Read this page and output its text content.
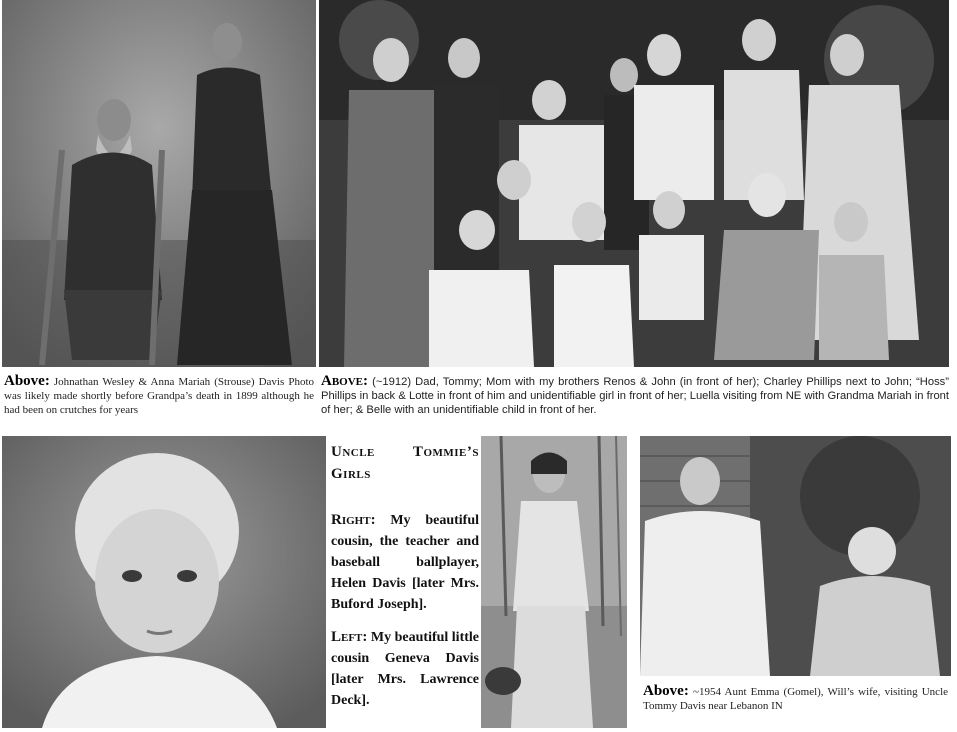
Above: Johnathan Wesley & Anna Mariah (Strouse) Davis Photo was likely made shortly before Grandpa’s death in 1899 although he had been on crutches for years
Above: (~1912) Dad, Tommy; Mom with my brothers Renos & John (in front of her); Charley Phillips next to John; “Hoss” Phillips in back & Lotte in front of him and unidentifiable girl in front of her; Luella visiting from NE with Grandma Mariah in front of her; & Belle with an unidentifiable child in front of her.
Uncle Tommie’s Girls
Right: My beautiful cousin, the teacher and baseball ballplayer, Helen Davis [later Mrs. Buford Joseph].
Left: My beautiful little cousin Geneva Davis [later Mrs. Lawrence Deck].
Above: ~1954 Aunt Emma (Gomel), Will’s wife, visiting Uncle Tommy Davis near Lebanon IN
